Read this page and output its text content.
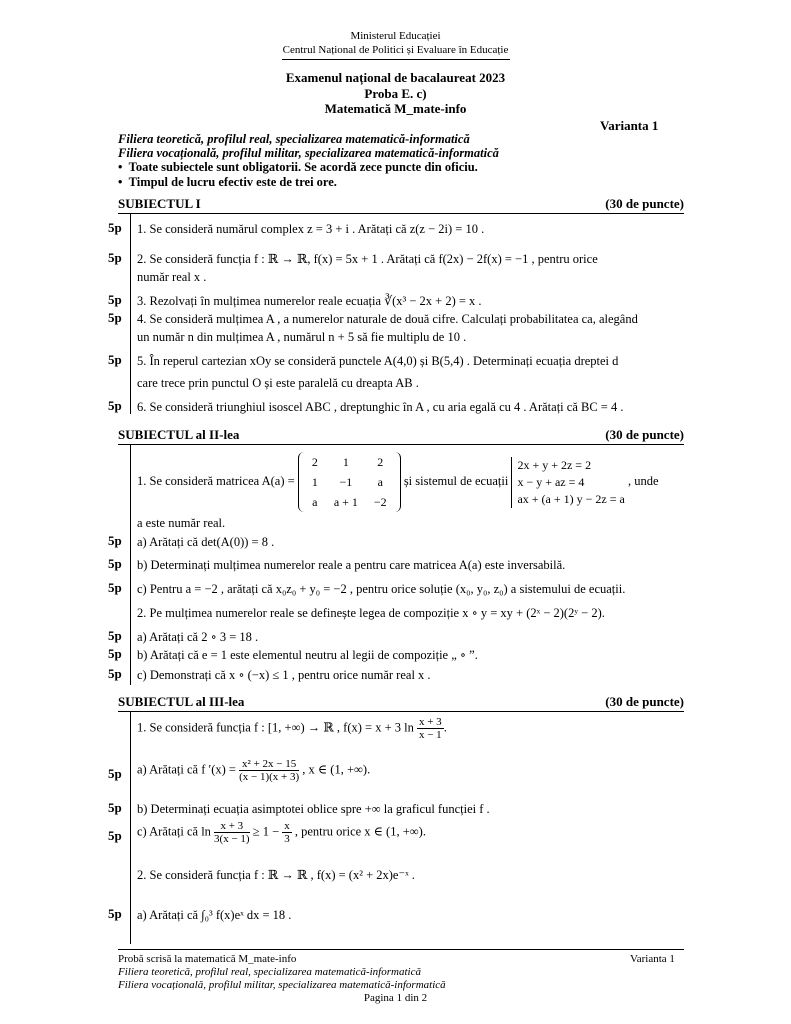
Ministerul Educației
Centrul Național de Politici și Evaluare în Educație
Examenul național de bacalaureat 2023
Proba E. c)
Matematică M_mate-info
Varianta 1
Filiera teoretică, profilul real, specializarea matematică-informatică
Filiera vocațională, profilul militar, specializarea matematică-informatică
•  Toate subiectele sunt obligatorii. Se acordă zece puncte din oficiu.
•  Timpul de lucru efectiv este de trei ore.
SUBIECTUL I	(30 de puncte)
5p 1. Se consideră numărul complex z = 3 + i . Arătați că z(z − 2i) = 10 .
5p 2. Se consideră funcția f : ℝ → ℝ, f(x) = 5x + 1 . Arătați că f(2x) − 2f(x) = −1 , pentru orice
număr real x .
5p 3. Rezolvați în mulțimea numerelor reale ecuația ∛(x³ − 2x + 2) = x .
5p 4. Se consideră mulțimea A , a numerelor naturale de două cifre. Calculați probabilitatea ca, alegând
un număr n din mulțimea A , numărul n + 5 să fie multiplu de 10 .
5p 5. În reperul cartezian xOy se consideră punctele A(4,0) și B(5,4) . Determinați ecuația dreptei d
care trece prin punctul O și este paralelă cu dreapta AB .
5p 6. Se consideră triunghiul isoscel ABC , dreptunghic în A , cu aria egală cu 4 . Arătați că BC = 4 .
SUBIECTUL al II-lea	(30 de puncte)
1. Se consideră matricea A(a) =
2	1	2
1	−1	a
a	a + 1	−2
și sistemul de ecuații
2x + y + 2z = 2
x − y + az = 4
ax + (a + 1) y − 2z = a
, unde
a este număr real.
5p a) Arătați că det(A(0)) = 8 .
5p b) Determinați mulțimea numerelor reale a pentru care matricea A(a) este inversabilă.
5p c) Pentru a = −2 , arătați că x₀z₀ + y₀ = −2 , pentru orice soluție (x₀, y₀, z₀) a sistemului de ecuații.
2. Pe mulțimea numerelor reale se definește legea de compoziție x ∘ y = xy + (2ˣ − 2)(2ʸ − 2).
5p a) Arătați că 2 ∘ 3 = 18 .
5p b) Arătați că e = 1 este elementul neutru al legii de compoziție „ ∘ ”.
5p c) Demonstrați că x ∘ (−x) ≤ 1 , pentru orice număr real x .
SUBIECTUL al III-lea	(30 de puncte)
1. Se consideră funcția f : [1, +∞) → ℝ , f(x) = x + 3 $\ln \frac{x + 3}{x - 1}$ .
5p a) Arătați că f $'(x) = \frac{\text{x² + 2x − 15}}{(x - 1)(x + 3)}$ , x ∈ (1, +∞).
5p b) Determinați ecuația asimptotei oblice spre +∞ la graficul funcției f .
5p c) Arătați că $\ln \frac{x + 3}{3(x - 1)} \ge 1 - \frac{x}{3}$ , pentru orice x ∈ (1, +∞).
2. Se consideră funcția f : ℝ → ℝ , f(x) = (x² + 2x)e⁻ˣ .
5p a) Arătați că ∫₀³ f(x)eˣ dx = 18 .
Probă scrisă la matematică M_mate-info	Varianta 1
Filiera teoretică, profilul real, specializarea matematică-informatică
Filiera vocațională, profilul militar, specializarea matematică-informatică
Pagina 1 din 2
